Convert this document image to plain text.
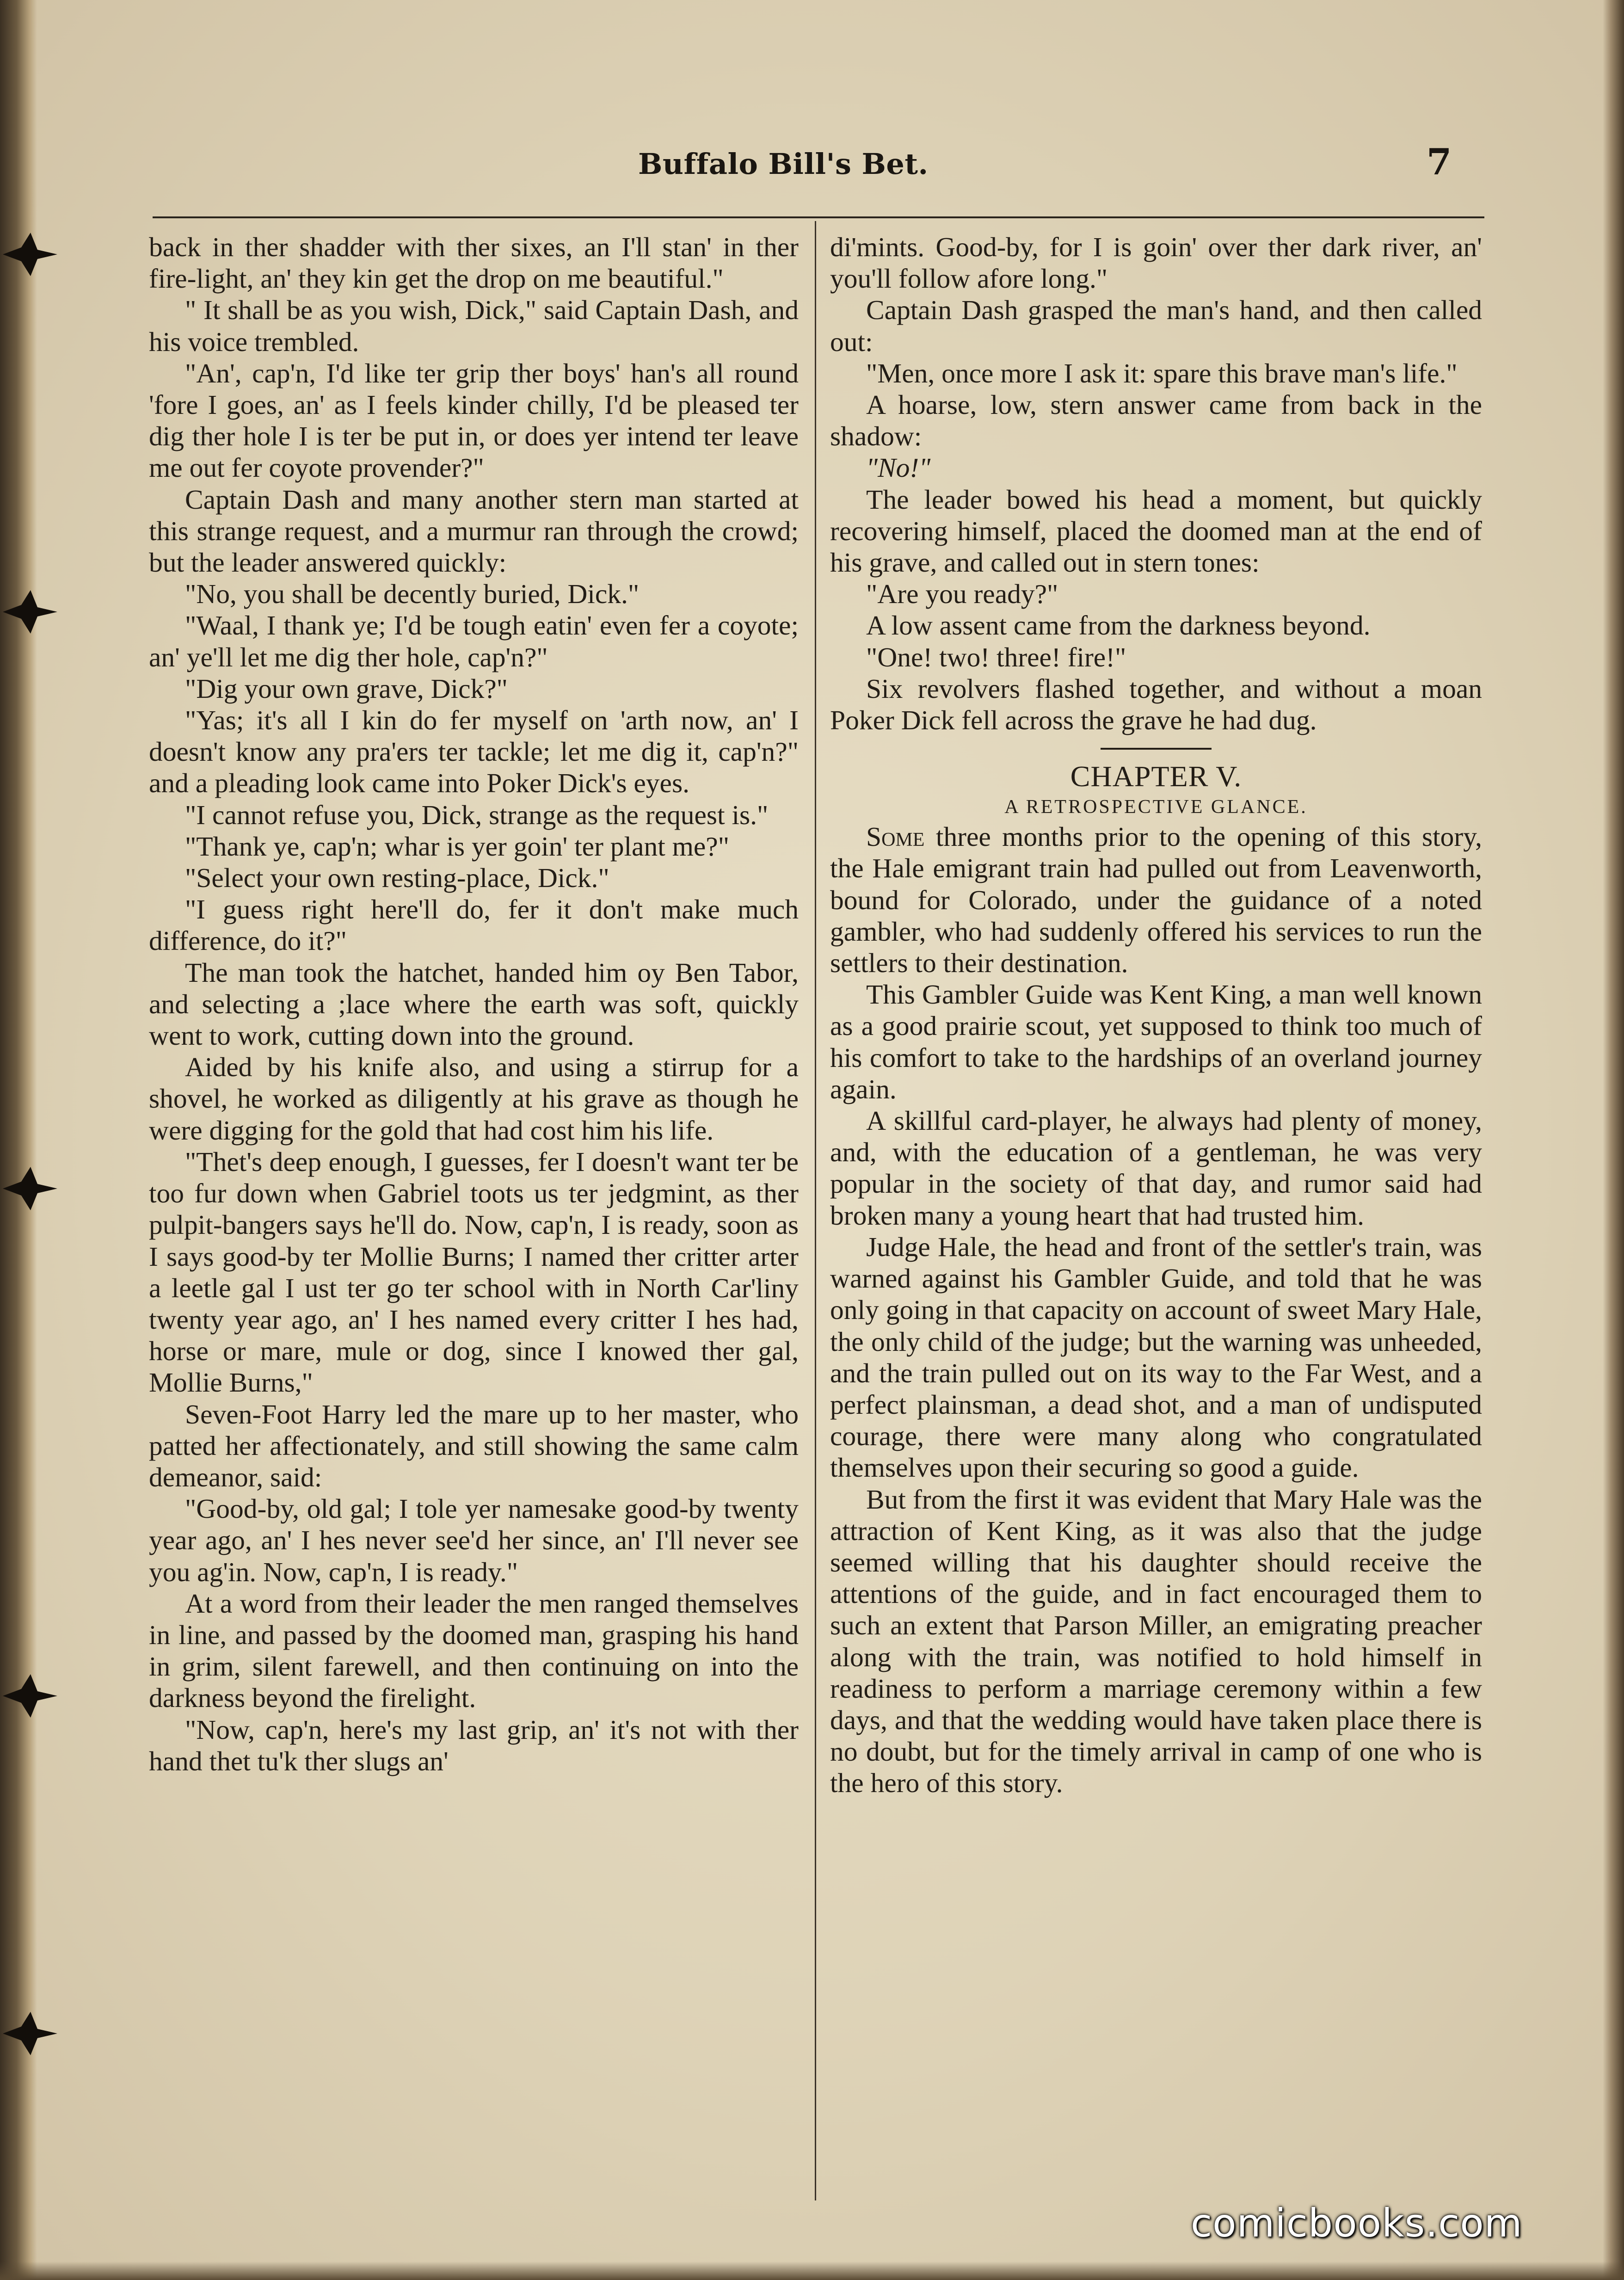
Buffalo Bill's Bet.	7

back in ther shadder with ther sixes, an I'll stan' in ther fire-light, an' they kin get the drop on me beautiful."

" It shall be as you wish, Dick," said Captain Dash, and his voice trembled.

"An', cap'n, I'd like ter grip ther boys' han's all round 'fore I goes, an' as I feels kinder chilly, I'd be pleased ter dig ther hole I is ter be put in, or does yer intend ter leave me out fer coyote provender?"

Captain Dash and many another stern man started at this strange request, and a murmur ran through the crowd; but the leader answered quickly:

"No, you shall be decently buried, Dick."

"Waal, I thank ye; I'd be tough eatin' even fer a coyote; an' ye'll let me dig ther hole, cap'n?"

"Dig your own grave, Dick?"

"Yas; it's all I kin do fer myself on 'arth now, an' I doesn't know any pra'ers ter tackle; let me dig it, cap'n?" and a pleading look came into Poker Dick's eyes.

"I cannot refuse you, Dick, strange as the request is."

"Thank ye, cap'n; whar is yer goin' ter plant me?"

"Select your own resting-place, Dick."

"I guess right here'll do, fer it don't make much difference, do it?"

The man took the hatchet, handed him oy Ben Tabor, and selecting a ;lace where the earth was soft, quickly went to work, cutting down into the ground.

Aided by his knife also, and using a stirrup for a shovel, he worked as diligently at his grave as though he were digging for the gold that had cost him his life.

"Thet's deep enough, I guesses, fer I doesn't want ter be too fur down when Gabriel toots us ter jedgmint, as ther pulpit-bangers says he'll do. Now, cap'n, I is ready, soon as I says good-by ter Mollie Burns; I named ther critter arter a leetle gal I ust ter go ter school with in North Car'liny twenty year ago, an' I hes named every critter I hes had, horse or mare, mule or dog, since I knowed ther gal, Mollie Burns,"

Seven-Foot Harry led the mare up to her master, who patted her affectionately, and still showing the same calm demeanor, said:

"Good-by, old gal; I tole yer namesake good-by twenty year ago, an' I hes never see'd her since, an' I'll never see you ag'in. Now, cap'n, I is ready."

At a word from their leader the men ranged themselves in line, and passed by the doomed man, grasping his hand in grim, silent farewell, and then continuing on into the darkness beyond the firelight.

"Now, cap'n, here's my last grip, an' it's not with ther hand thet tu'k ther slugs an'

di'mints. Good-by, for I is goin' over ther dark river, an' you'll follow afore long."

Captain Dash grasped the man's hand, and then called out:

"Men, once more I ask it: spare this brave man's life."

A hoarse, low, stern answer came from back in the shadow:

"No!"

The leader bowed his head a moment, but quickly recovering himself, placed the doomed man at the end of his grave, and called out in stern tones:

"Are you ready?"

A low assent came from the darkness beyond.

"One! two! three! fire!"

Six revolvers flashed together, and without a moan Poker Dick fell across the grave he had dug.

CHAPTER V.

A RETROSPECTIVE GLANCE.

Some three months prior to the opening of this story, the Hale emigrant train had pulled out from Leavenworth, bound for Colorado, under the guidance of a noted gambler, who had suddenly offered his services to run the settlers to their destination.

This Gambler Guide was Kent King, a man well known as a good prairie scout, yet supposed to think too much of his comfort to take to the hardships of an overland journey again.

A skillful card-player, he always had plenty of money, and, with the education of a gentleman, he was very popular in the society of that day, and rumor said had broken many a young heart that had trusted him.

Judge Hale, the head and front of the settler's train, was warned against his Gambler Guide, and told that he was only going in that capacity on account of sweet Mary Hale, the only child of the judge; but the warning was unheeded, and the train pulled out on its way to the Far West, and a perfect plainsman, a dead shot, and a man of undisputed courage, there were many along who congratulated themselves upon their securing so good a guide.

But from the first it was evident that Mary Hale was the attraction of Kent King, as it was also that the judge seemed willing that his daughter should receive the attentions of the guide, and in fact encouraged them to such an extent that Parson Miller, an emigrating preacher along with the train, was notified to hold himself in readiness to perform a marriage ceremony within a few days, and that the wedding would have taken place there is no doubt, but for the timely arrival in camp of one who is the hero of this story.

comicbooks.com
